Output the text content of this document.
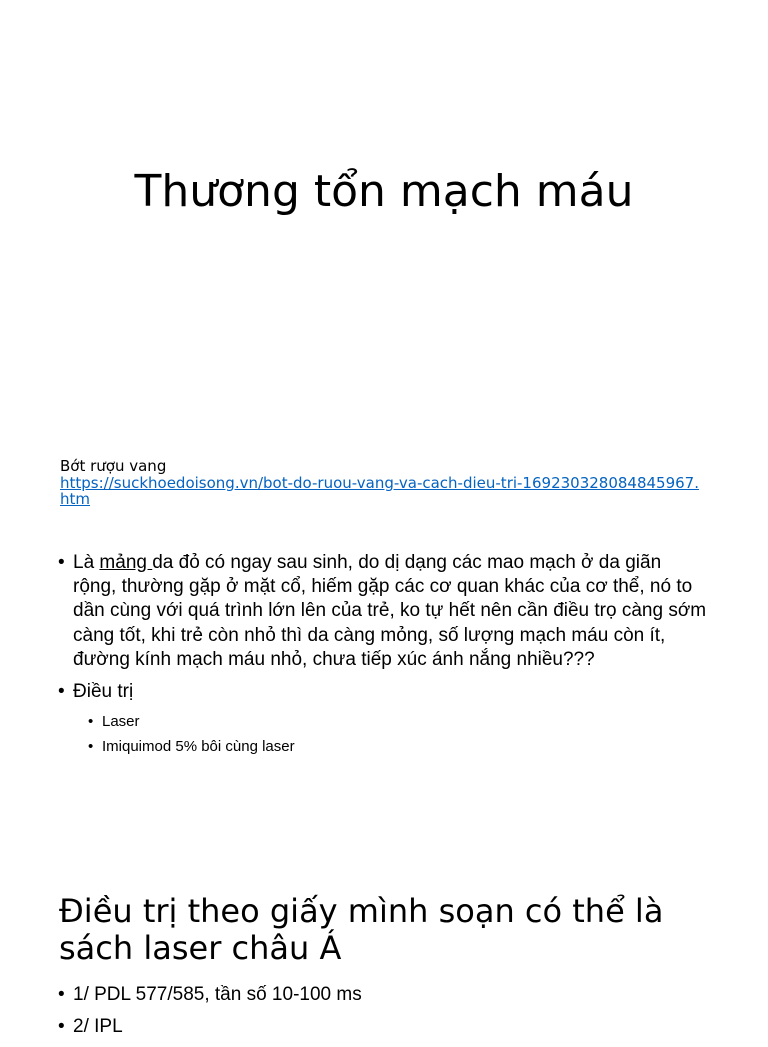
Thương tổn mạch máu
Bớt rượu vang
https://suckhoedoisong.vn/bot-do-ruou-vang-va-cach-dieu-tri-169230328084845967.htm
• Là mảng da đỏ có ngay sau sinh, do dị dạng các mao mạch ở da giãn rộng, thường gặp ở mặt cổ, hiếm gặp các cơ quan khác của cơ thể, nó to dần cùng với quá trình lớn lên của trẻ, ko tự hết nên cần điều trọ càng sớm càng tốt, khi trẻ còn nhỏ thì da càng mỏng, số lượng mạch máu còn ít, đường kính mạch máu nhỏ, chưa tiếp xúc ánh nắng nhiều???
• Điều trị
• Laser
• Imiquimod 5% bôi cùng laser
Điều trị theo giấy mình soạn có thể là sách laser châu Á
• 1/ PDL 577/585, tần số 10-100 ms
• 2/ IPL
